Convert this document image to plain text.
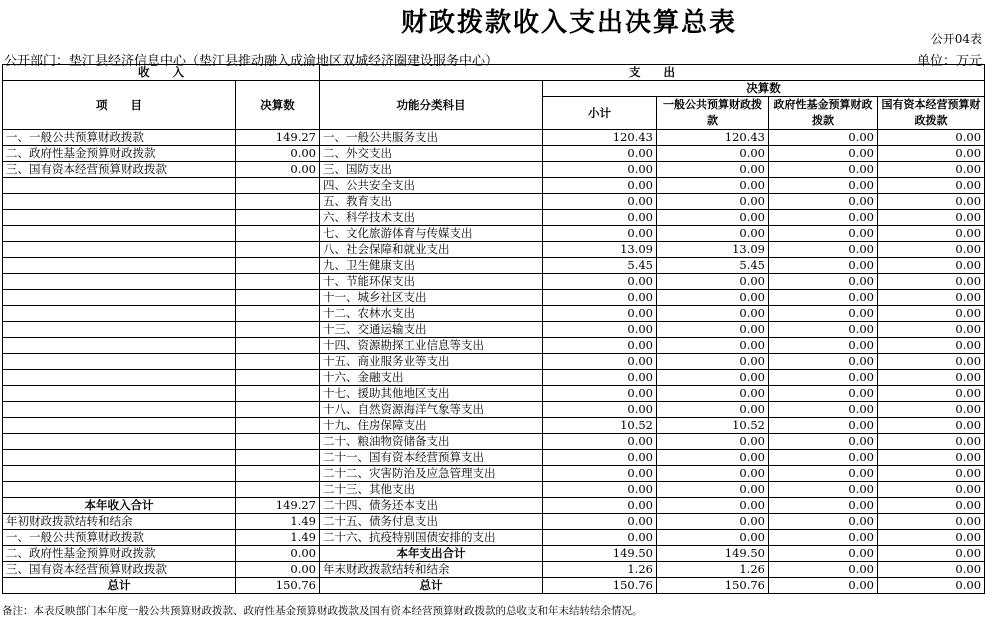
财政拨款收入支出决算总表
公开04表
公开部门：垫江县经济信息中心（垫江县推动融入成渝地区双城经济圈建设服务中心）	单位：万元
收　　入		支　　出				
项　　目	决算数	功能分类科目	决算数			
			小计	一般公共预算财政拨款	政府性基金预算财政拨款	国有资本经营预算财政拨款

一、一般公共预算财政拨款	149.27	一、一般公共服务支出	120.43	120.43	0.00	0.00
二、政府性基金预算财政拨款	0.00	二、外交支出	0.00	0.00	0.00	0.00
三、国有资本经营预算财政拨款	0.00	三、国防支出	0.00	0.00	0.00	0.00
		四、公共安全支出	0.00	0.00	0.00	0.00
		五、教育支出	0.00	0.00	0.00	0.00
		六、科学技术支出	0.00	0.00	0.00	0.00
		七、文化旅游体育与传媒支出	0.00	0.00	0.00	0.00
		八、社会保障和就业支出	13.09	13.09	0.00	0.00
		九、卫生健康支出	5.45	5.45	0.00	0.00
		十、节能环保支出	0.00	0.00	0.00	0.00
		十一、城乡社区支出	0.00	0.00	0.00	0.00
		十二、农林水支出	0.00	0.00	0.00	0.00
		十三、交通运输支出	0.00	0.00	0.00	0.00
		十四、资源勘探工业信息等支出	0.00	0.00	0.00	0.00
		十五、商业服务业等支出	0.00	0.00	0.00	0.00
		十六、金融支出	0.00	0.00	0.00	0.00
		十七、援助其他地区支出	0.00	0.00	0.00	0.00
		十八、自然资源海洋气象等支出	0.00	0.00	0.00	0.00
		十九、住房保障支出	10.52	10.52	0.00	0.00
		二十、粮油物资储备支出	0.00	0.00	0.00	0.00
		二十一、国有资本经营预算支出	0.00	0.00	0.00	0.00
		二十二、灾害防治及应急管理支出	0.00	0.00	0.00	0.00
		二十三、其他支出	0.00	0.00	0.00	0.00
本年收入合计	149.27	二十四、债务还本支出	0.00	0.00	0.00	0.00
年初财政拨款结转和结余	1.49	二十五、债务付息支出	0.00	0.00	0.00	0.00
一、一般公共预算财政拨款	1.49	二十六、抗疫特别国债安排的支出	0.00	0.00	0.00	0.00
二、政府性基金预算财政拨款	0.00	本年支出合计	149.50	149.50	0.00	0.00
三、国有资本经营预算财政拨款	0.00	年末财政拨款结转和结余	1.26	1.26	0.00	0.00
总计	150.76	总计	150.76	150.76	0.00	0.00
备注：本表反映部门本年度一般公共预算财政拨款、政府性基金预算财政拨款及国有资本经营预算财政拨款的总收支和年末结转结余情况。
